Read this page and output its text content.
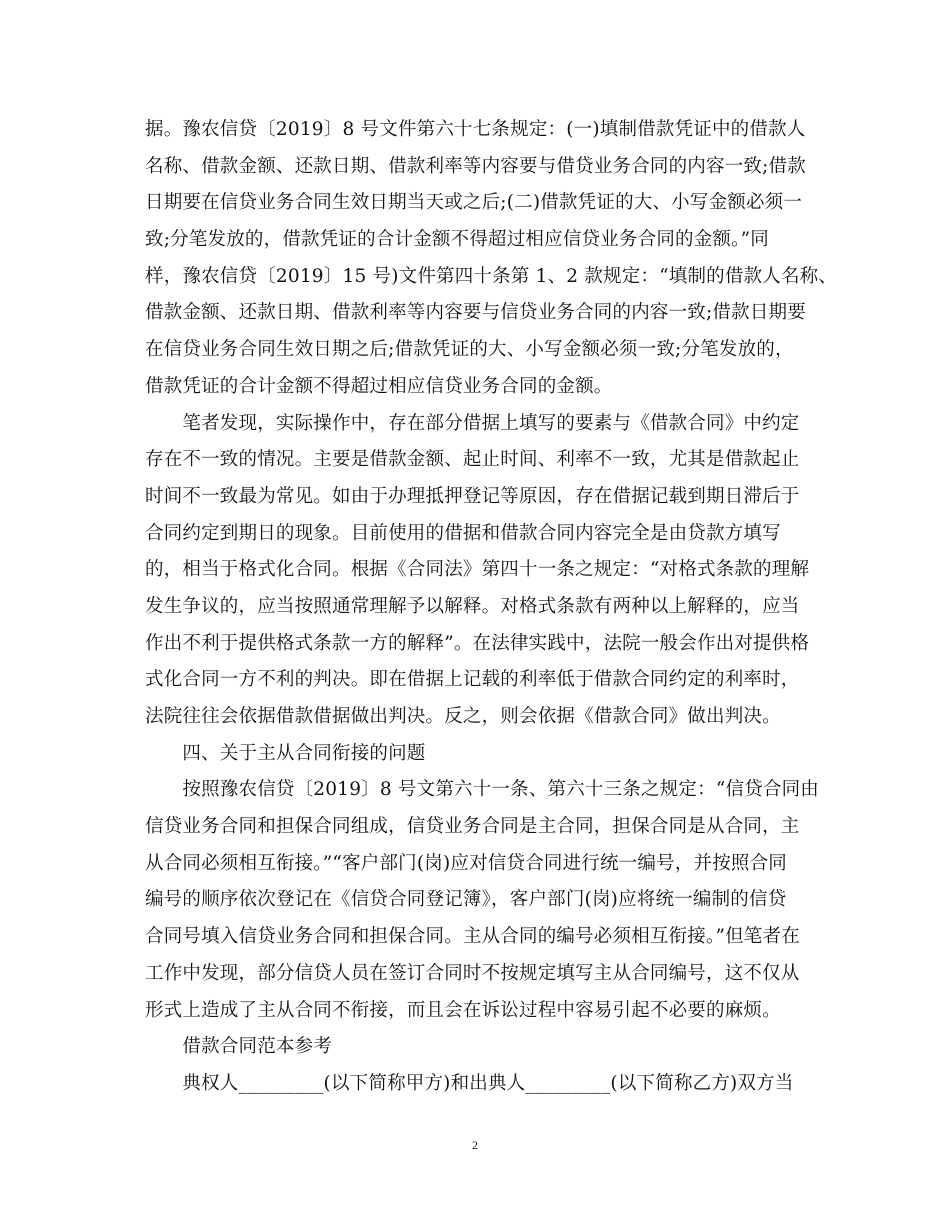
据。豫农信贷〔2019〕8 号文件第六十七条规定：(一)填制借款凭证中的借款人
名称、借款金额、还款日期、借款利率等内容要与借贷业务合同的内容一致;借款
日期要在信贷业务合同生效日期当天或之后;(二)借款凭证的大、小写金额必须一
致;分笔发放的，借款凭证的合计金额不得超过相应信贷业务合同的金额。”同
样，豫农信贷〔2019〕15 号)文件第四十条第 1、2 款规定：“填制的借款人名称、
借款金额、还款日期、借款利率等内容要与信贷业务合同的内容一致;借款日期要
在信贷业务合同生效日期之后;借款凭证的大、小写金额必须一致;分笔发放的，
借款凭证的合计金额不得超过相应信贷业务合同的金额。
　　笔者发现，实际操作中，存在部分借据上填写的要素与《借款合同》中约定
存在不一致的情况。主要是借款金额、起止时间、利率不一致，尤其是借款起止
时间不一致最为常见。如由于办理抵押登记等原因，存在借据记载到期日滞后于
合同约定到期日的现象。目前使用的借据和借款合同内容完全是由贷款方填写
的，相当于格式化合同。根据《合同法》第四十一条之规定：“对格式条款的理解
发生争议的，应当按照通常理解予以解释。对格式条款有两种以上解释的，应当
作出不利于提供格式条款一方的解释”。在法律实践中，法院一般会作出对提供格
式化合同一方不利的判决。即在借据上记载的利率低于借款合同约定的利率时，
法院往往会依据借款借据做出判决。反之，则会依据《借款合同》做出判决。
　　四、关于主从合同衔接的问题
　　按照豫农信贷〔2019〕8 号文第六十一条、第六十三条之规定：“信贷合同由
信贷业务合同和担保合同组成，信贷业务合同是主合同，担保合同是从合同，主
从合同必须相互衔接。”“客户部门(岗)应对信贷合同进行统一编号，并按照合同
编号的顺序依次登记在《信贷合同登记簿》，客户部门(岗)应将统一编制的信贷
合同号填入信贷业务合同和担保合同。主从合同的编号必须相互衔接。”但笔者在
工作中发现，部分信贷人员在签订合同时不按规定填写主从合同编号，这不仅从
形式上造成了主从合同不衔接，而且会在诉讼过程中容易引起不必要的麻烦。
　　借款合同范本参考
　　典权人_________(以下简称甲方)和出典人_________(以下简称乙方)双方当
2
